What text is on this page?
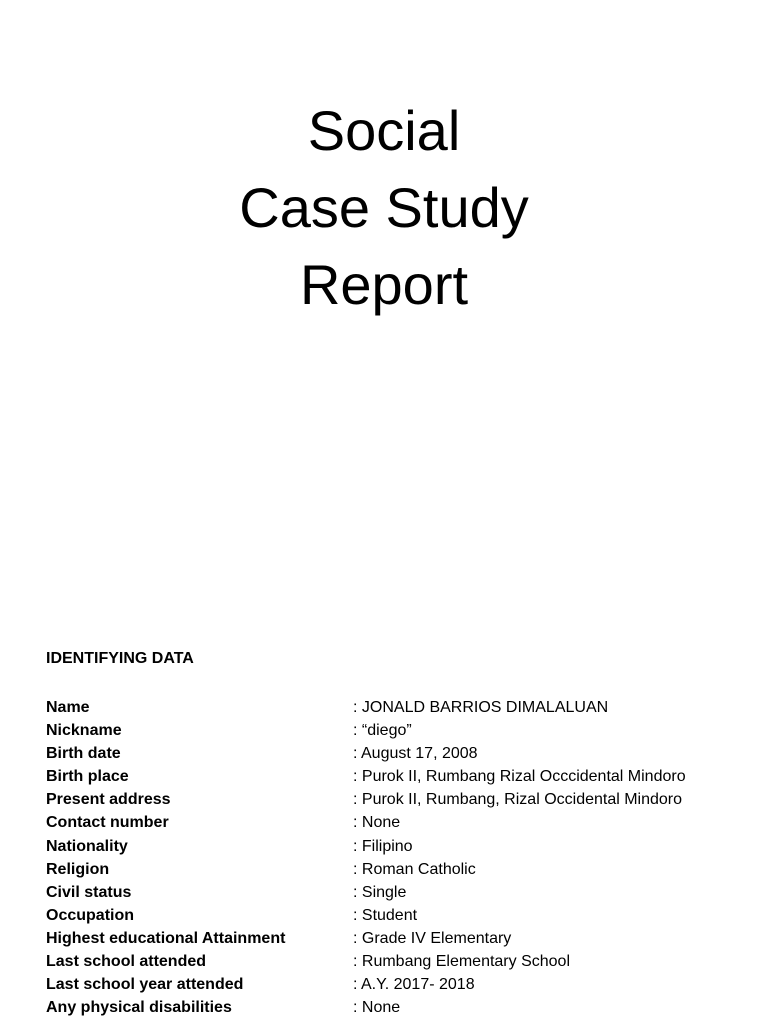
Social
Case Study
Report
IDENTIFYING DATA
Name	: JONALD BARRIOS DIMALALUAN
Nickname	: “diego”
Birth date	: August 17, 2008
Birth place	: Purok II, Rumbang Rizal Occcidental Mindoro
Present address	: Purok II, Rumbang, Rizal Occidental Mindoro
Contact number	: None
Nationality	: Filipino
Religion	: Roman Catholic
Civil status	: Single
Occupation	: Student
Highest educational Attainment	: Grade IV Elementary
Last school attended	: Rumbang Elementary School
Last school year attended	: A.Y. 2017- 2018
Any physical disabilities	: None
